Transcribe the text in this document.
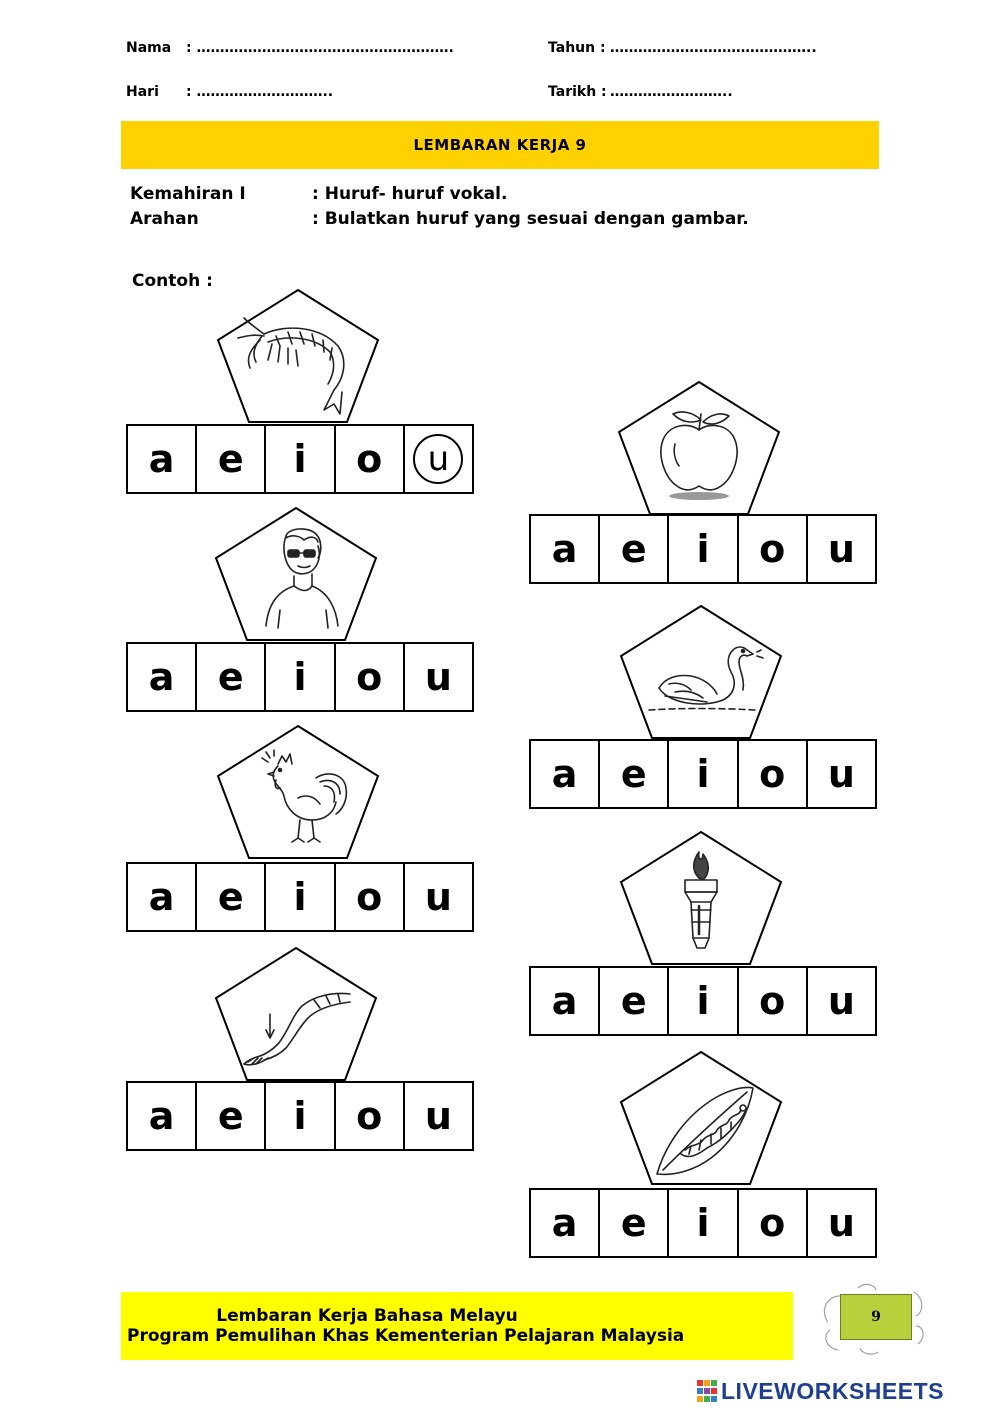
Nama : ……………………………………………….	Tahun : ……………………………………..
Hari : ………………………..	Tarikh : ……………………..
LEMBARAN KERJA 9
Kemahiran I	: Huruf- huruf vokal.
Arahan	: Bulatkan huruf yang sesuai dengan gambar.
Contoh :
a e i o	u
a e i o u
a e i o u
a e i o u
a e i o u
a e i o u
a e i o u
a e i o u
Lembaran Kerja Bahasa Melayu
Program Pemulihan Khas Kementerian Pelajaran Malaysia
9
LIVEWORKSHEETS
